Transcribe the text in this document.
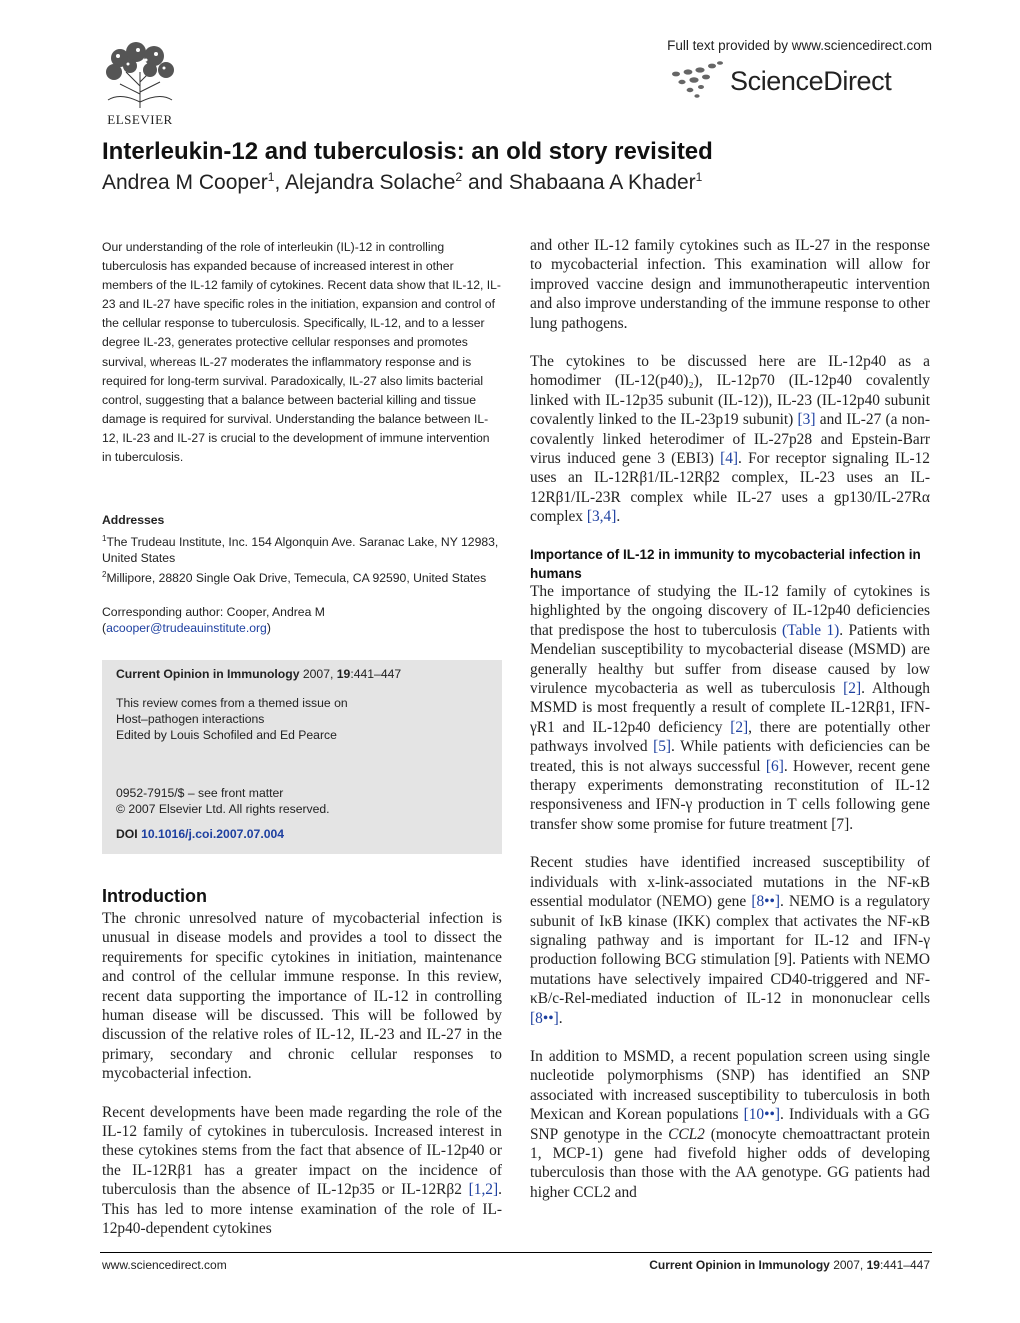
ELSEVIER
Full text provided by www.sciencedirect.com
ScienceDirect
Interleukin-12 and tuberculosis: an old story revisited
Andrea M Cooper$^1$, Alejandra Solache$^2$ and Shabaana A Khader$^1$
Our understanding of the role of interleukin (IL)-12 in controlling tuberculosis has expanded because of increased interest in other members of the IL-12 family of cytokines. Recent data show that IL-12, IL-23 and IL-27 have specific roles in the initiation, expansion and control of the cellular response to tuberculosis. Specifically, IL-12, and to a lesser degree IL-23, generates protective cellular responses and promotes survival, whereas IL-27 moderates the inflammatory response and is required for long-term survival. Paradoxically, IL-27 also limits bacterial control, suggesting that a balance between bacterial killing and tissue damage is required for survival. Understanding the balance between IL-12, IL-23 and IL-27 is crucial to the development of immune intervention in tuberculosis.
Addresses
$^1$The Trudeau Institute, Inc. 154 Algonquin Ave. Saranac Lake, NY 12983, United States
$^2$Millipore, 28820 Single Oak Drive, Temecula, CA 92590, United States
Corresponding author: Cooper, Andrea M
(acooper@trudeauinstitute.org)
Current Opinion in Immunology 2007, 19:441–447
This review comes from a themed issue on
Host–pathogen interactions
Edited by Louis Schofiled and Ed Pearce
0952-7915/$ – see front matter
© 2007 Elsevier Ltd. All rights reserved.
DOI 10.1016/j.coi.2007.07.004
Introduction

The chronic unresolved nature of mycobacterial infection is unusual in disease models and provides a tool to dissect the requirements for specific cytokines in initiation, maintenance and control of the cellular immune response. In this review, recent data supporting the importance of IL-12 in controlling human disease will be discussed. This will be followed by discussion of the relative roles of IL-12, IL-23 and IL-27 in the primary, secondary and chronic cellular responses to mycobacterial infection.

Recent developments have been made regarding the role of the IL-12 family of cytokines in tuberculosis. Increased interest in these cytokines stems from the fact that absence of IL-12p40 or the IL-12Rβ1 has a greater impact on the incidence of tuberculosis than the absence of IL-12p35 or IL-12Rβ2 [1,2]. This has led to more intense examination of the role of IL-12p40-dependent cytokines

and other IL-12 family cytokines such as IL-27 in the response to mycobacterial infection. This examination will allow for improved vaccine design and immunotherapeutic intervention and also improve understanding of the immune response to other lung pathogens.

The cytokines to be discussed here are IL-12p40 as a homodimer (IL-12(p40)₂), IL-12p70 (IL-12p40 covalently linked with IL-12p35 subunit (IL-12)), IL-23 (IL-12p40 subunit covalently linked to the IL-23p19 subunit) [3] and IL-27 (a non-covalently linked heterodimer of IL-27p28 and Epstein-Barr virus induced gene 3 (EBI3) [4]. For receptor signaling IL-12 uses an IL-12Rβ1/IL-12Rβ2 complex, IL-23 uses an IL-12Rβ1/IL-23R complex while IL-27 uses a gp130/IL-27Rα complex [3,4].

Importance of IL-12 in immunity to mycobacterial infection in humans

The importance of studying the IL-12 family of cytokines is highlighted by the ongoing discovery of IL-12p40 deficiencies that predispose the host to tuberculosis (Table 1). Patients with Mendelian susceptibility to mycobacterial disease (MSMD) are generally healthy but suffer from disease caused by low virulence mycobacteria as well as tuberculosis [2]. Although MSMD is most frequently a result of complete IL-12Rβ1, IFN-γR1 and IL-12p40 deficiency [2], there are potentially other pathways involved [5]. While patients with deficiencies can be treated, this is not always successful [6]. However, recent gene therapy experiments demonstrating reconstitution of IL-12 responsiveness and IFN-γ production in T cells following gene transfer show some promise for future treatment [7].

Recent studies have identified increased susceptibility of individuals with x-link-associated mutations in the NF-κB essential modulator (NEMO) gene [8••]. NEMO is a regulatory subunit of IκB kinase (IKK) complex that activates the NF-κB signaling pathway and is important for IL-12 and IFN-γ production following BCG stimulation [9]. Patients with NEMO mutations have selectively impaired CD40-triggered and NF-κB/c-Rel-mediated induction of IL-12 in mononuclear cells [8••].

In addition to MSMD, a recent population screen using single nucleotide polymorphisms (SNP) has identified an SNP associated with increased susceptibility to tuberculosis in both Mexican and Korean populations [10••]. Individuals with a GG SNP genotype in the CCL2 (monocyte chemoattractant protein 1, MCP-1) gene had fivefold higher odds of developing tuberculosis than those with the AA genotype. GG patients had higher CCL2 and

www.sciencedirect.com	Current Opinion in Immunology 2007, 19:441–447
